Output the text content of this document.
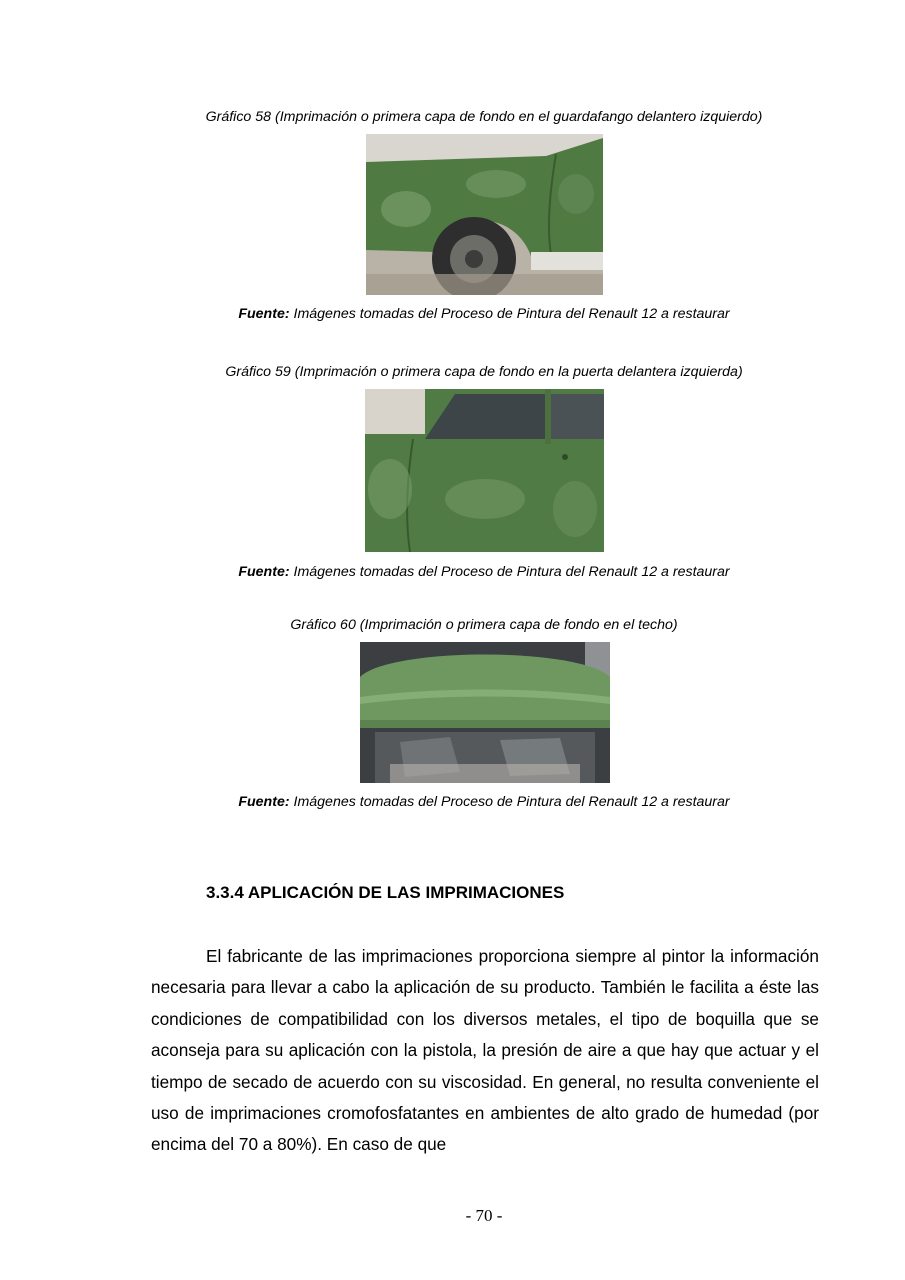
Gráfico 58 (Imprimación o primera capa de fondo en el guardafango delantero izquierdo)
Fuente: Imágenes tomadas del Proceso de Pintura del Renault 12 a restaurar
Gráfico 59 (Imprimación o primera capa de fondo en la puerta delantera izquierda)
Fuente: Imágenes tomadas del Proceso de Pintura del Renault 12 a restaurar
Gráfico 60 (Imprimación o primera capa de fondo en el techo)
Fuente: Imágenes tomadas del Proceso de Pintura del Renault 12 a restaurar
3.3.4 APLICACIÓN DE LAS IMPRIMACIONES

El fabricante de las imprimaciones proporciona siempre al pintor la información necesaria para llevar a cabo la aplicación de su producto. También le facilita a éste las condiciones de compatibilidad con los diversos metales, el tipo de boquilla que se aconseja para su aplicación con la pistola, la presión de aire a que hay que actuar y el tiempo de secado de acuerdo con su viscosidad. En general, no resulta conveniente el uso de imprimaciones cromofosfatantes en ambientes de alto grado de humedad (por encima del 70 a 80%). En caso de que

- 70 -
